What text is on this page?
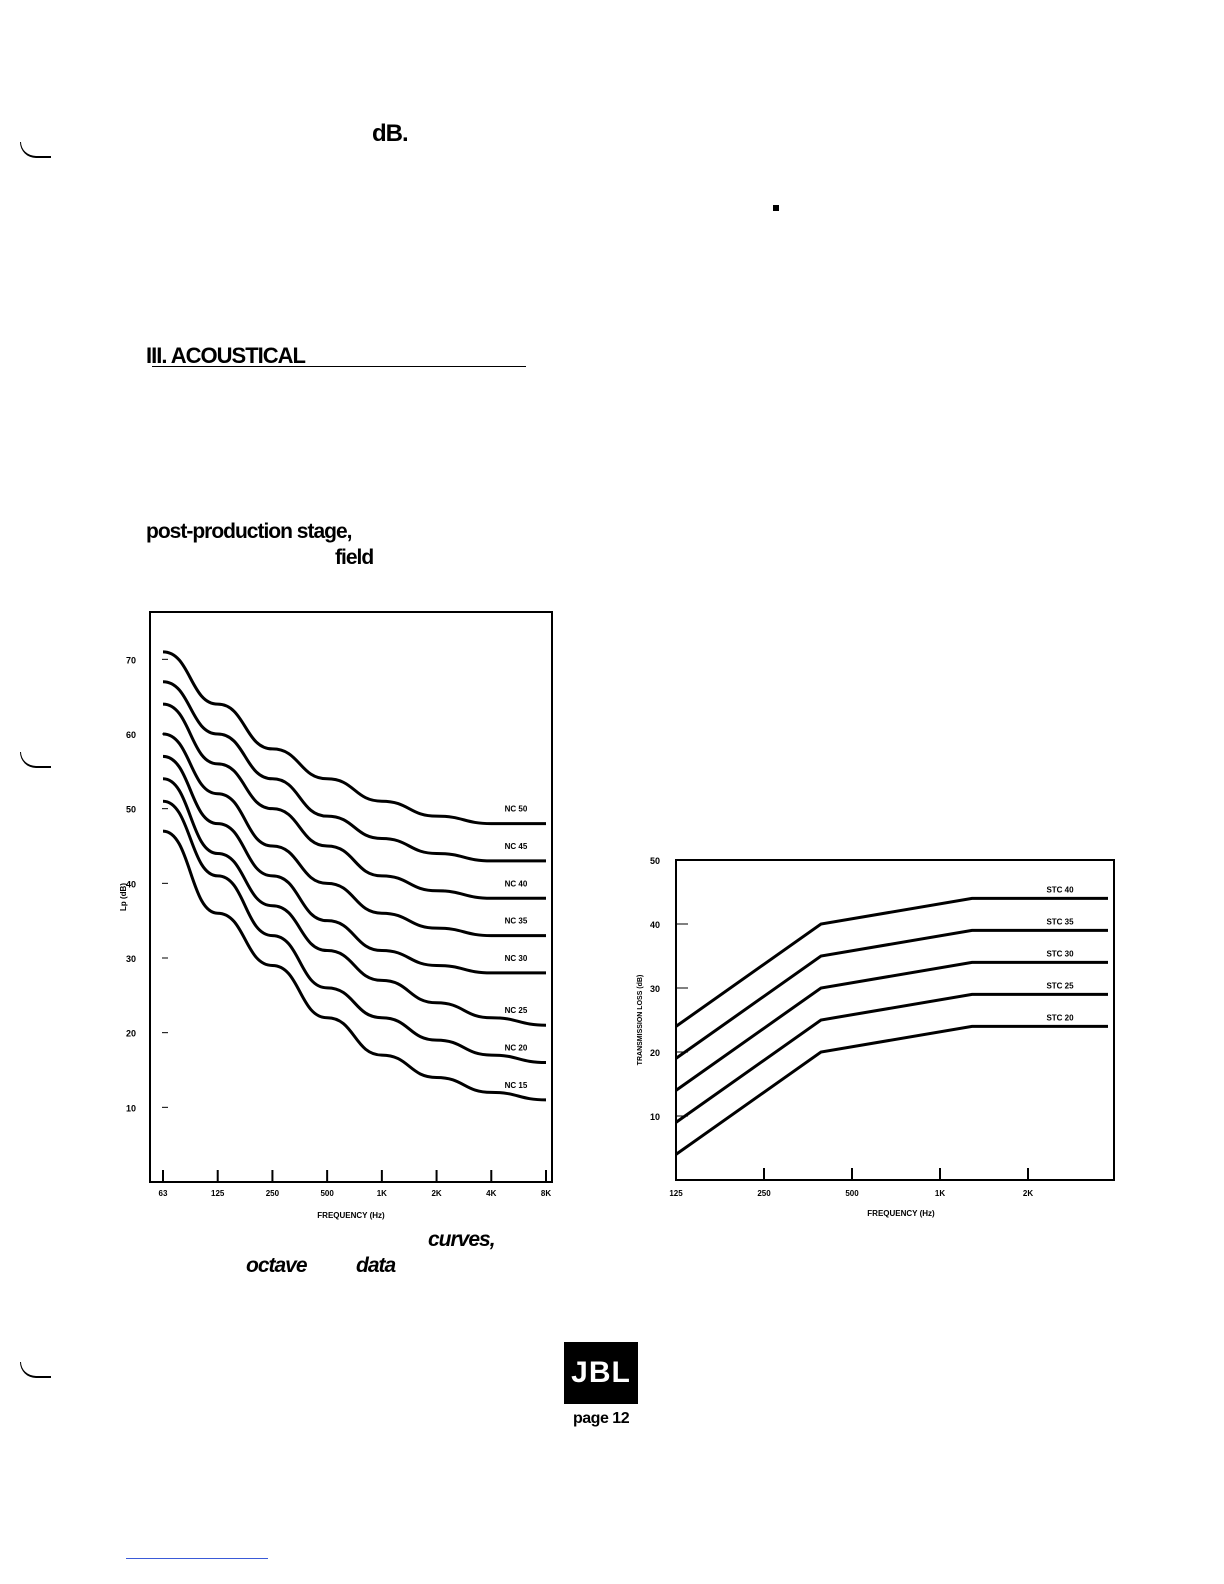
dB.
III. ACOUSTICAL
post-production stage,
field
70
60
50
40
30
20
10
63	125	250	500	1K	2K	4K	8K
FREQUENCY (Hz)
Lp (dB)
NC 50
NC 45
NC 40
NC 35
NC 30
NC 25
NC 20
NC 15
50
40
30
20
10
125	250	500	1K	2K
FREQUENCY (Hz)
TRANSMISSION LOSS (dB)
STC 40
STC 35
STC 30
STC 25
STC 20
curves,
octave data
JBL
page 12
